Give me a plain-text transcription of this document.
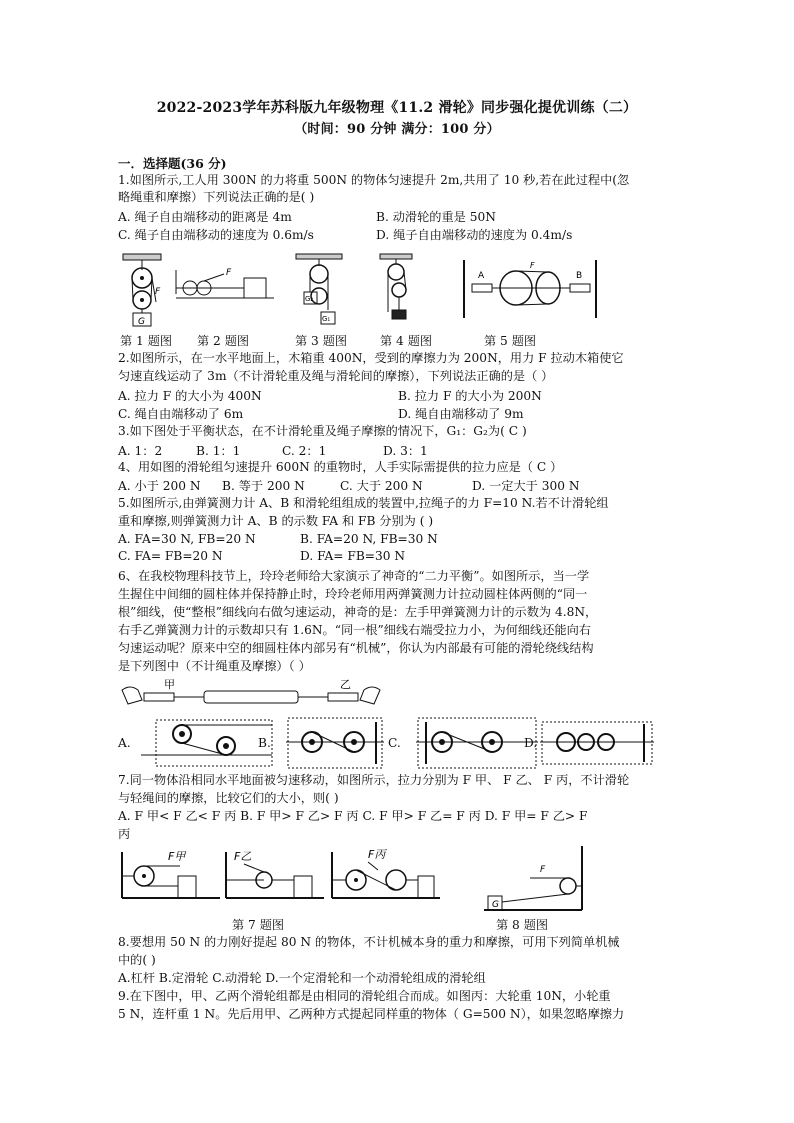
2022-2023学年苏科版九年级物理《11.2 滑轮》同步强化提优训练（二）
（时间：90 分钟 满分：100 分）
一．选择题(36 分)
1.如图所示,工人用 300N 的力将重 500N 的物体匀速提升 2m,共用了 10 秒,若在此过程中(忽
略绳重和摩擦）下列说法正确的是( )
A. 绳子自由端移动的距离是 4m	B. 动滑轮的重是 50N
C. 绳子自由端移动的速度为 0.6m/s	D. 绳子自由端移动的速度为 0.4m/s
G
F
F
G₂
G₁
A	B
F
第 1 题图 第 2 题图	第 3 题图	第 4 题图	第 5 题图
2.如图所示，在一水平地面上，木箱重 400N，受到的摩擦力为 200N，用力 F 拉动木箱使它
匀速直线运动了 3m（不计滑轮重及绳与滑轮间的摩擦），下列说法正确的是（ ）
A. 拉力 F 的大小为 400N	B. 拉力 F 的大小为 200N
C. 绳自由端移动了 6m	D. 绳自由端移动了 9m
3.如下图处于平衡状态，在不计滑轮重及绳子摩擦的情况下，G₁：G₂为( C )
A. 1：2	B. 1：1	C. 2：1	D. 3：1
4、用如图的滑轮组匀速提升 600N 的重物时，人手实际需提供的拉力应是（ C ）
A. 小于 200 N B. 等于 200 N	C. 大于 200 N	D. 一定大于 300 N
5.如图所示,由弹簧测力计 A、B 和滑轮组组成的装置中,拉绳子的力 F=10 N.若不计滑轮组
重和摩擦,则弹簧测力计 A、B 的示数 FA 和 FB 分别为 ( )
A. FA=30 N, FB=20 N	B. FA=20 N, FB=30 N
C. FA= FB=20 N	D. FA= FB=30 N
6、在我校物理科技节上，玲玲老师给大家演示了神奇的“二力平衡”。如图所示，当一学
生握住中间细的圆柱体并保持静止时，玲玲老师用两弹簧测力计拉动圆柱体两侧的“同一
根”细线，使“整根”细线向右做匀速运动，神奇的是：左手甲弹簧测力计的示数为 4.8N，
右手乙弹簧测力计的示数却只有 1.6N。“同一根”细线右端受拉力小，为何细线还能向右
匀速运动呢？原来中空的细圆柱体内部另有“机械”，你认为内部最有可能的滑轮绕线结构
是下列图中（不计绳重及摩擦）（ ）
甲	乙
A.	B.	C.	D.
7.同一物体沿相同水平地面被匀速移动，如图所示，拉力分别为 F 甲、 F 乙、 F 丙，不计滑轮
与轻绳间的摩擦，比较它们的大小，则( )
A. F 甲< F 乙< F 丙 B. F 甲> F 乙> F 丙 C. F 甲> F 乙= F 丙 D. F 甲= F 乙> F
丙
F甲	F乙	F丙
G
F
第 7 题图	第 8 题图
8.要想用 50 N 的力刚好提起 80 N 的物体，不计机械本身的重力和摩擦，可用下列简单机械
中的( )
A.杠杆 B.定滑轮 C.动滑轮 D.一个定滑轮和一个动滑轮组成的滑轮组
9.在下图中，甲、乙两个滑轮组都是由相同的滑轮组合而成。如图丙：大轮重 10N，小轮重
5 N，连杆重 1 N。先后用甲、乙两种方式提起同样重的物体（ G=500 N），如果忽略摩擦力
